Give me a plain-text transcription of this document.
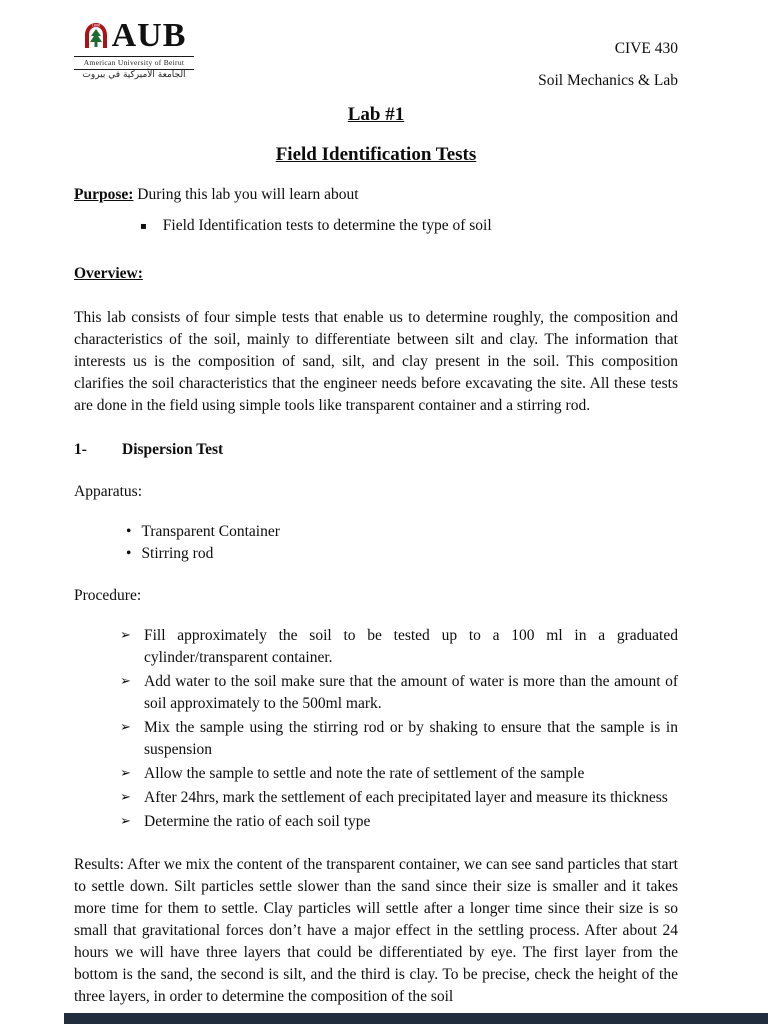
1866 AUB
American University of Beirut
الجامعة الأميركية في بيروت
CIVE 430
Soil Mechanics & Lab
Lab #1
Field Identification Tests
Purpose: During this lab you will learn about
▪ Field Identification tests to determine the type of soil
Overview:

This lab consists of four simple tests that enable us to determine roughly, the composition and characteristics of the soil, mainly to differentiate between silt and clay. The information that interests us is the composition of sand, silt, and clay present in the soil. This composition clarifies the soil characteristics that the engineer needs before excavating the site. All these tests are done in the field using simple tools like transparent container and a stirring rod.

1- Dispersion Test
Apparatus:
• Transparent Container
• Stirring rod
Procedure:
➢ Fill approximately the soil to be tested up to a 100 ml in a graduated cylinder/transparent container.
➢ Add water to the soil make sure that the amount of water is more than the amount of soil approximately to the 500ml mark.
➢ Mix the sample using the stirring rod or by shaking to ensure that the sample is in suspension
➢ Allow the sample to settle and note the rate of settlement of the sample
➢ After 24hrs, mark the settlement of each precipitated layer and measure its thickness
➢ Determine the ratio of each soil type

Results: After we mix the content of the transparent container, we can see sand particles that start to settle down. Silt particles settle slower than the sand since their size is smaller and it takes more time for them to settle. Clay particles will settle after a longer time since their size is so small that gravitational forces don’t have a major effect in the settling process. After about 24 hours we will have three layers that could be differentiated by eye. The first layer from the bottom is the sand, the second is silt, and the third is clay. To be precise, check the height of the three layers, in order to determine the composition of the soil
